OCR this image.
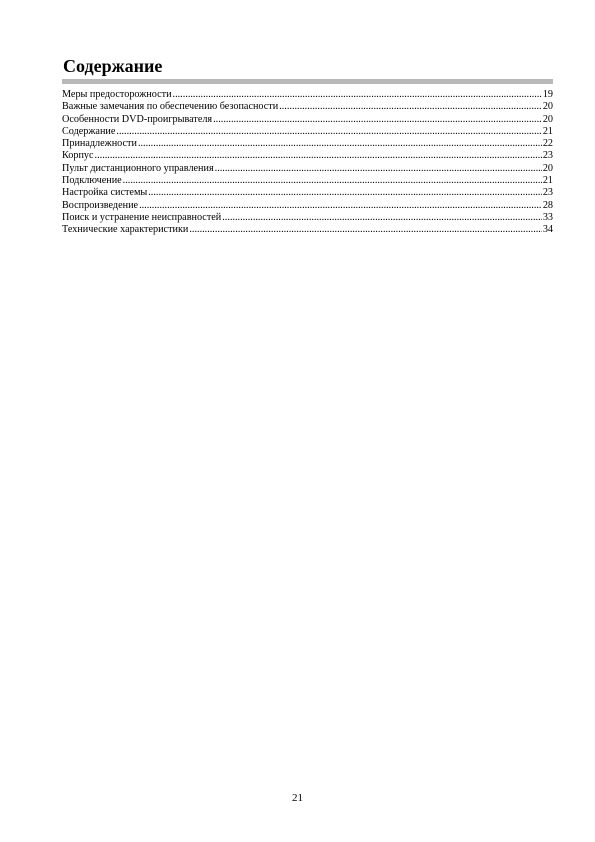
Содержание
Меры предосторожности .....	19
Важные замечания по обеспечению безопасности .....	20
Особенности DVD-проигрывателя .....	20
Содержание .....	21
Принадлежности .....	22
Корпус .....	23
Пульт дистанционного управления .....	20
Подключение .....	21
Настройка системы .....	23
Воспроизведение .....	28
Поиск и устранение неисправностей .....	33
Технические характеристики .....	34
21
